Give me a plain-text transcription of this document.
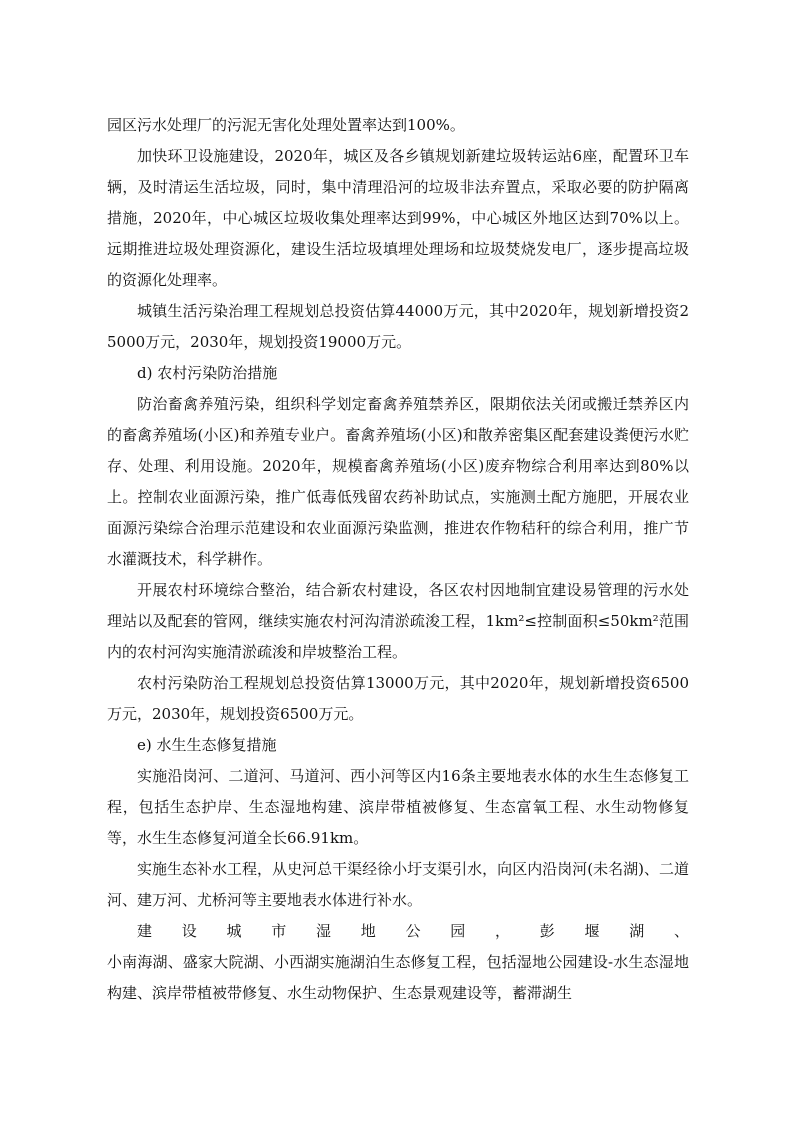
园区污水处理厂的污泥无害化处理处置率达到100%。

加快环卫设施建设，2020年，城区及各乡镇规划新建垃圾转运站6座，配置环卫车辆，及时清运生活垃圾，同时，集中清理沿河的垃圾非法弃置点，采取必要的防护隔离措施，2020年，中心城区垃圾收集处理率达到99%，中心城区外地区达到70%以上。远期推进垃圾处理资源化，建设生活垃圾填埋处理场和垃圾焚烧发电厂，逐步提高垃圾的资源化处理率。

城镇生活污染治理工程规划总投资估算44000万元，其中2020年，规划新增投资25000万元，2030年，规划投资19000万元。

d) 农村污染防治措施

防治畜禽养殖污染，组织科学划定畜禽养殖禁养区，限期依法关闭或搬迁禁养区内的畜禽养殖场(小区)和养殖专业户。畜禽养殖场(小区)和散养密集区配套建设粪便污水贮存、处理、利用设施。2020年，规模畜禽养殖场(小区)废弃物综合利用率达到80%以上。控制农业面源污染，推广低毒低残留农药补助试点，实施测土配方施肥，开展农业面源污染综合治理示范建设和农业面源污染监测，推进农作物秸秆的综合利用，推广节水灌溉技术，科学耕作。

开展农村环境综合整治，结合新农村建设，各区农村因地制宜建设易管理的污水处理站以及配套的管网，继续实施农村河沟清淤疏浚工程，1km²≤控制面积≤50km²范围内的农村河沟实施清淤疏浚和岸坡整治工程。

农村污染防治工程规划总投资估算13000万元，其中2020年，规划新增投资6500万元，2030年，规划投资6500万元。

e) 水生生态修复措施

实施沿岗河、二道河、马道河、西小河等区内16条主要地表水体的水生生态修复工程，包括生态护岸、生态湿地构建、滨岸带植被修复、生态富氧工程、水生动物修复等，水生生态修复河道全长66.91km。

实施生态补水工程，从史河总干渠经徐小圩支渠引水，向区内沿岗河(未名湖)、二道河、建万河、尤桥河等主要地表水体进行补水。

建设城市湿地公园，彭堰湖、

小南海湖、盛家大院湖、小西湖实施湖泊生态修复工程，包括湿地公园建设-水生态湿地构建、滨岸带植被带修复、水生动物保护、生态景观建设等，蓄滞湖生
